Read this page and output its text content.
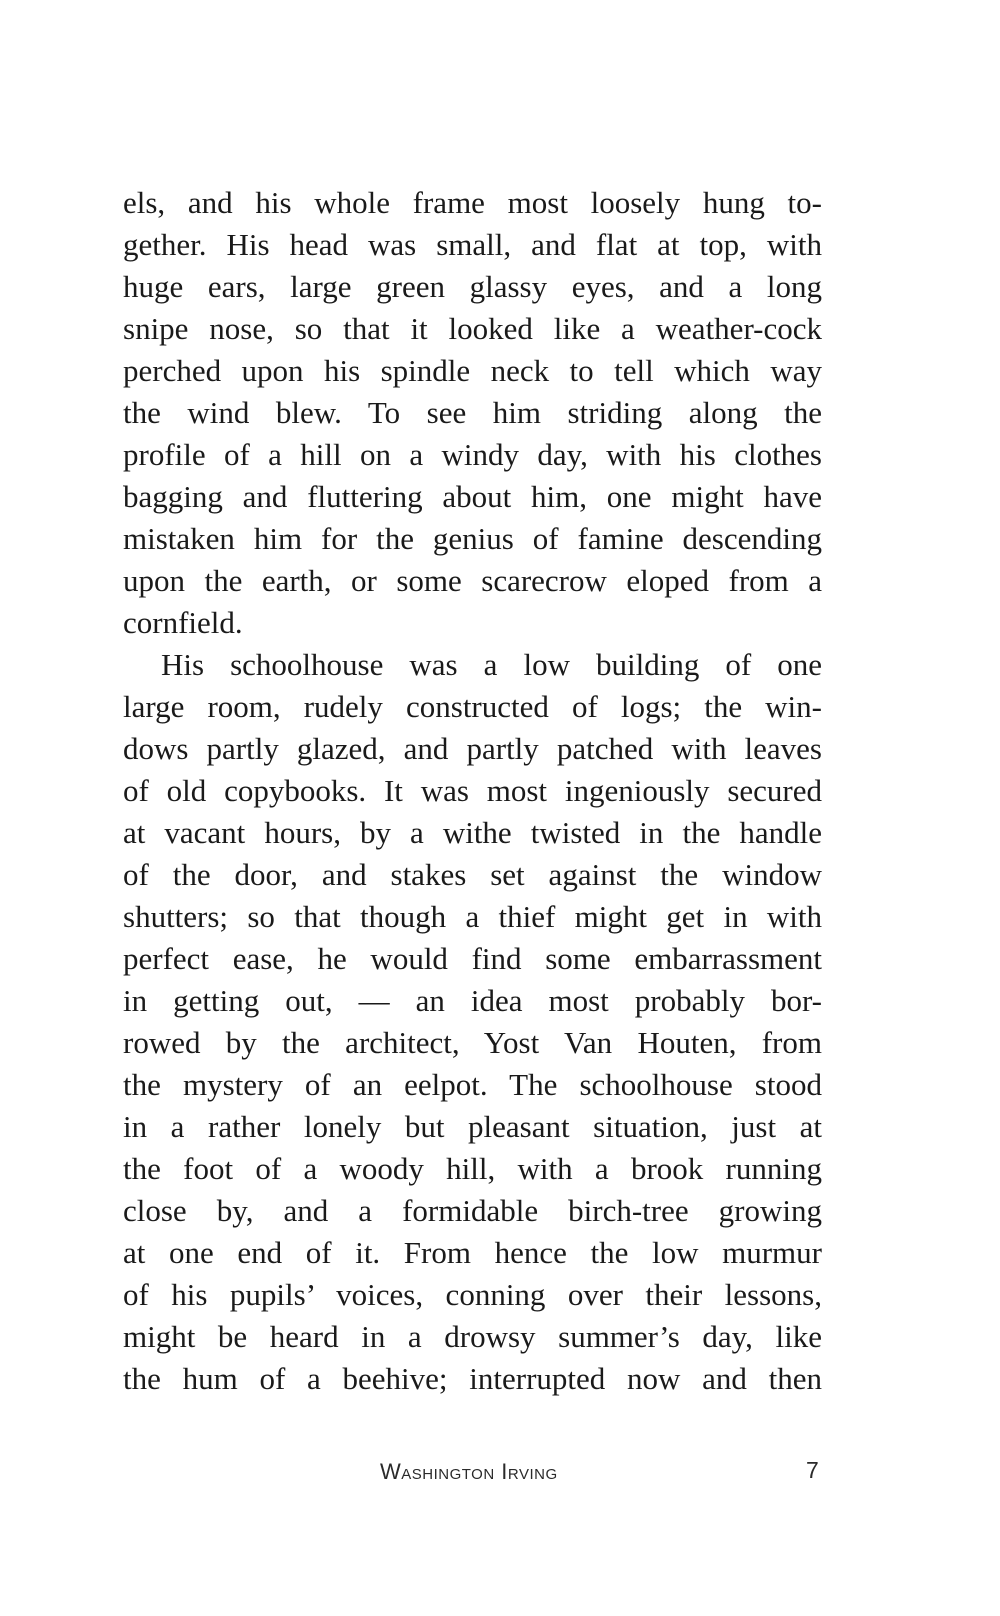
els, and his whole frame most loosely hung to-
gether. His head was small, and flat at top, with
huge ears, large green glassy eyes, and a long
snipe nose, so that it looked like a weather-cock
perched upon his spindle neck to tell which way
the wind blew. To see him striding along the
profile of a hill on a windy day, with his clothes
bagging and fluttering about him, one might have
mistaken him for the genius of famine descending
upon the earth, or some scarecrow eloped from a
cornfield.
His schoolhouse was a low building of one
large room, rudely constructed of logs; the win-
dows partly glazed, and partly patched with leaves
of old copybooks. It was most ingeniously secured
at vacant hours, by a withe twisted in the handle
of the door, and stakes set against the window
shutters; so that though a thief might get in with
perfect ease, he would find some embarrassment
in getting out, — an idea most probably bor-
rowed by the architect, Yost Van Houten, from
the mystery of an eelpot. The schoolhouse stood
in a rather lonely but pleasant situation, just at
the foot of a woody hill, with a brook running
close by, and a formidable birch-tree growing
at one end of it. From hence the low murmur
of his pupils’ voices, conning over their lessons,
might be heard in a drowsy summer’s day, like
the hum of a beehive; interrupted now and then
Washington Irving	7
